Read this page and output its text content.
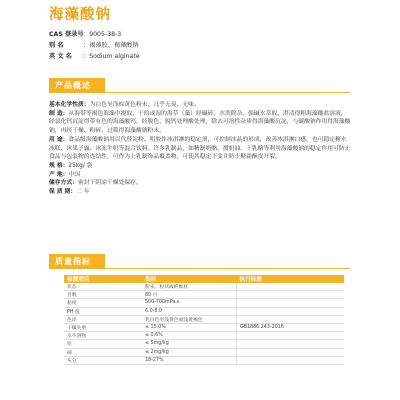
海藻酸钠
CAS 登录号：9005-38-3
别 名	：褐藻胶、褐藻酸钠
英 文 名 ：Sodium alginate
产品概述

基本化学性质：为白色至浅棕黄色粉末；几乎无臭，无味。

制 造：从海带等褐色海藻中提取，干的或湿的海草（藻）经碾碎、水洗除杂、强碱水萃取、澄清得粗海藻酸盐溶液，经氯化钙沉淀得带有色的海藻酸钙，经脱色、脱钙处理酸处理，除去可溶性杂质得海藻酸沉淀，与碳酸钠作用得海藻酸钠，再经干燥、粉碎、过筛得海藻酸钠粉末。

用 途：食品级海藻酸钠用以代替淀粉、明胶作冰淇淋的稳定剂，可控制冰晶的形成，改善冰淇淋口感，也可稳定糖水冰糕、冰果子露、冰冻牛奶等混合饮料。许多乳制品，如精制奶酪、掼奶油、干乳酪等利用海藻酸钠的稳定作用可防止食品与包装物的连结性，可作为上乳制饰品覆盖物，可使其稳定不变并防止糖霜酥皮开裂。

规 格：25kg/ 袋

产 地：中国

储存方式：密封干阴凉干燥处保存。

保 质 期：二 年

质量指标
检测项目	指标	执行标准
状态	粉末、粒状或纤维状	
目数	80 目	
粘度	500-700mPa.s	
PH 值	6.0-8.0	
色泽	乳白色至浅黄色或浅黄褐色	
干燥失重	≤ 15.0%	GB1886.243-2016
水不溶物	≤ 0.6%	
铅	≤ 5mg/kg	
砷	≤ 2mg/kg	
灰分	18-27%	
